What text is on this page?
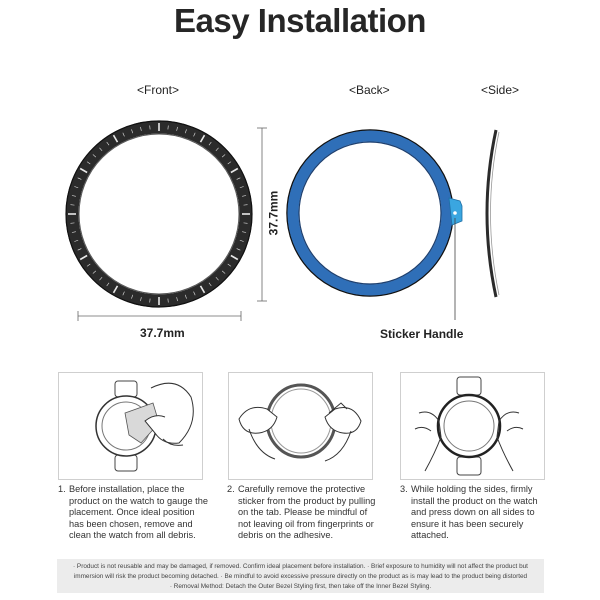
Easy Installation
<Front>	<Back>	<Side>
37.7mm
37.7mm	Sticker Handle
1. Before installation, place the product on the watch to gauge the placement. Once ideal position has been chosen, remove and clean the watch from all debris.
2. Carefully remove the protective sticker from the product by pulling on the tab. Please be mindful of not leaving oil from fingerprints or debris on the adhesive.
3. While holding the sides, firmly install the product on the watch and press down on all sides to ensure it has been securely attached.
· Product is not reusable and may be damaged, if removed. Confirm ideal placement before installation. · Brief exposure to humidity will not affect the product but
immersion will risk the product becoming detached. · Be mindful to avoid excessive pressure directly on the product as is may lead to the product being distorted
· Removal Method: Detach the Outer Bezel Styling first, then take off the Inner Bezel Styling.
